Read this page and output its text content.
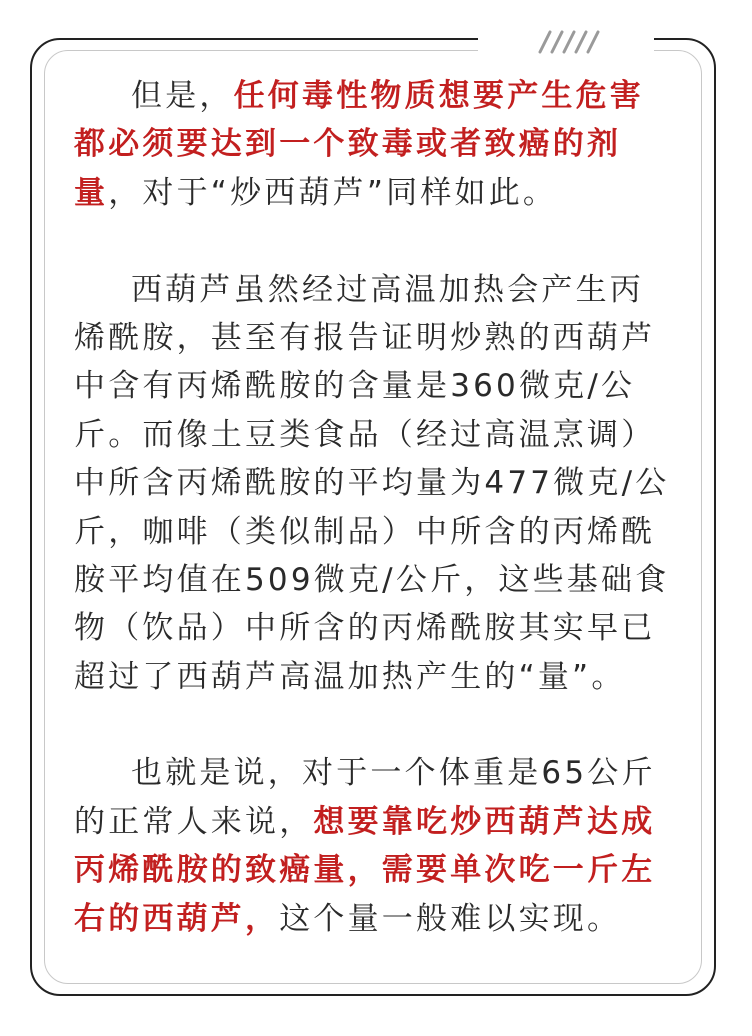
但是，任何毒性物质想要产生危害
都必须要达到一个致毒或者致癌的剂
量，对于“炒西葫芦”同样如此。
西葫芦虽然经过高温加热会产生丙
烯酰胺，甚至有报告证明炒熟的西葫芦
中含有丙烯酰胺的含量是360微克/公
斤。而像土豆类食品（经过高温烹调）
中所含丙烯酰胺的平均量为477微克/公
斤，咖啡（类似制品）中所含的丙烯酰
胺平均值在509微克/公斤，这些基础食
物（饮品）中所含的丙烯酰胺其实早已
超过了西葫芦高温加热产生的“量”。
也就是说，对于一个体重是65公斤
的正常人来说，想要靠吃炒西葫芦达成
丙烯酰胺的致癌量，需要单次吃一斤左
右的西葫芦，这个量一般难以实现。
